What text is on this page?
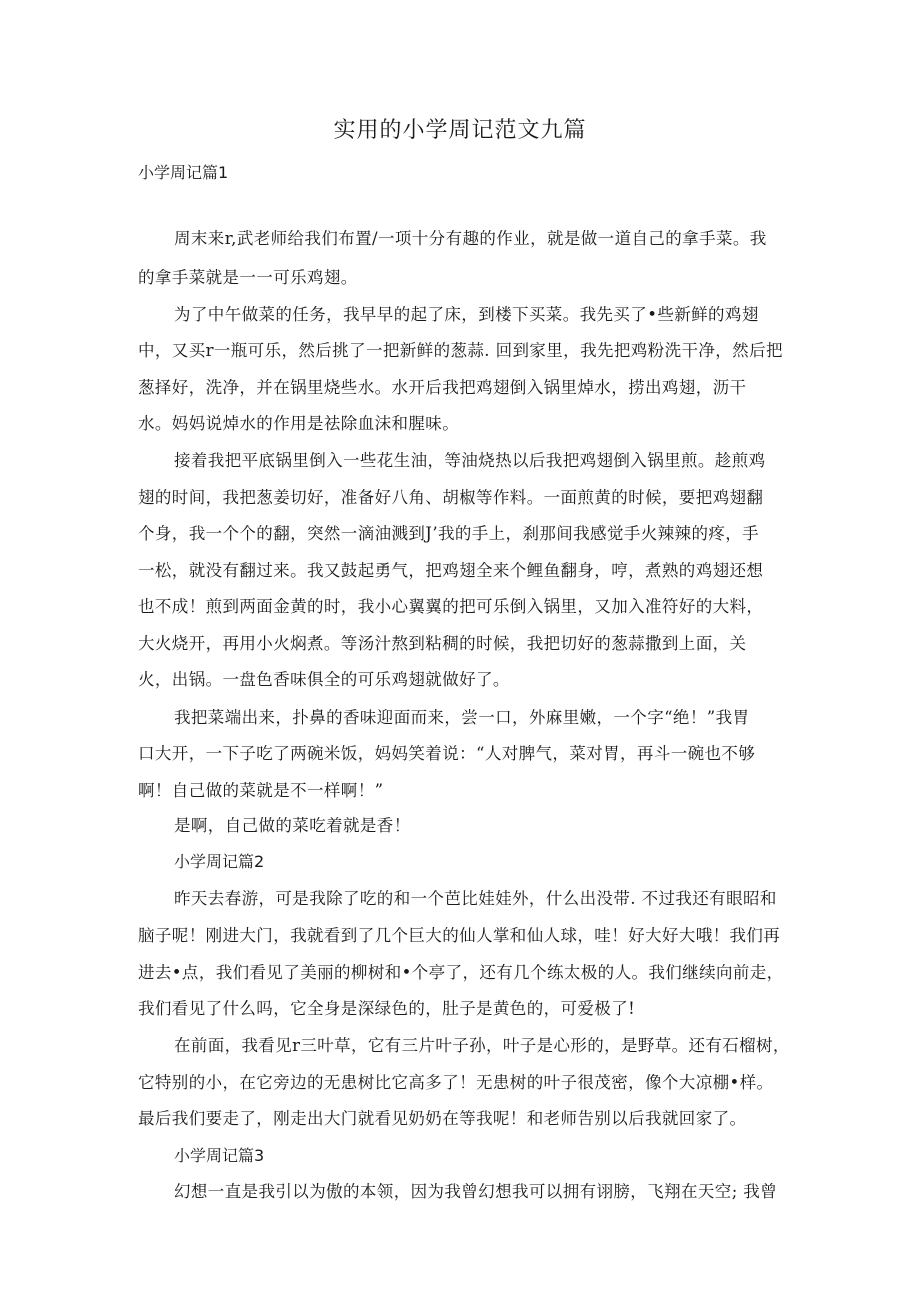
实用的小学周记范文九篇
小学周记篇1
周末来r,武老师给我们布置/一项十分有趣的作业，就是做一道自己的拿手菜。我
的拿手菜就是一一可乐鸡翅。
为了中午做菜的任务，我早早的起了床，到楼下买菜。我先买了•些新鲜的鸡翅
中，又买r一瓶可乐，然后挑了一把新鲜的葱蒜. 回到家里，我先把鸡粉洗干净，然后把
葱择好，洗净，并在锅里烧些水。水开后我把鸡翅倒入锅里焯水，捞出鸡翅，沥干
水。妈妈说焯水的作用是祛除血沫和腥味。
接着我把平底锅里倒入一些花生油，等油烧热以后我把鸡翅倒入锅里煎。趁煎鸡
翅的时间，我把葱姜切好，准备好八角、胡椒等作料。一面煎黄的时候，要把鸡翅翻
个身，我一个个的翻，突然一滴油溅到J’我的手上，刹那间我感觉手火辣辣的疼，手
一松，就没有翻过来。我又鼓起勇气，把鸡翅全来个鲤鱼翻身，哼，煮熟的鸡翅还想
也不成！煎到两面金黄的时，我小心翼翼的把可乐倒入锅里，又加入准符好的大料，
大火烧开，再用小火焖煮。等汤汁熬到粘稠的时候，我把切好的葱蒜撒到上面，关
火，出锅。一盘色香味俱全的可乐鸡翅就做好了。
我把菜端出来，扑鼻的香味迎面而来，尝一口，外麻里嫩，一个字“绝！”我胃
口大开，一下子吃了两碗米饭，妈妈笑着说：“人对脾气，菜对胃，再斗一碗也不够
啊！自己做的菜就是不一样啊！”
是啊，自己做的菜吃着就是香！
小学周记篇2
昨天去春游，可是我除了吃的和一个芭比娃娃外，什么出没带. 不过我还有眼昭和
脑子呢！刚进大门，我就看到了几个巨大的仙人掌和仙人球，哇！好大好大哦！我们再
进去•点，我们看见了美丽的柳树和•个亭了，还有几个练太极的人。我们继续向前走，
我们看见了什么吗，它全身是深绿色的，肚子是黄色的，可爱极了!
在前面，我看见r三叶草，它有三片叶子孙，叶子是心形的，是野草。还有石榴树，
它特别的小，在它旁边的无患树比它高多了！无患树的叶子很茂密，像个大凉棚•样。
最后我们要走了，刚走出大门就看见奶奶在等我呢！和老师告别以后我就回家了。
小学周记篇3
幻想一直是我引以为傲的本领，因为我曾幻想我可以拥有诩膀，飞翔在天空; 我曾
